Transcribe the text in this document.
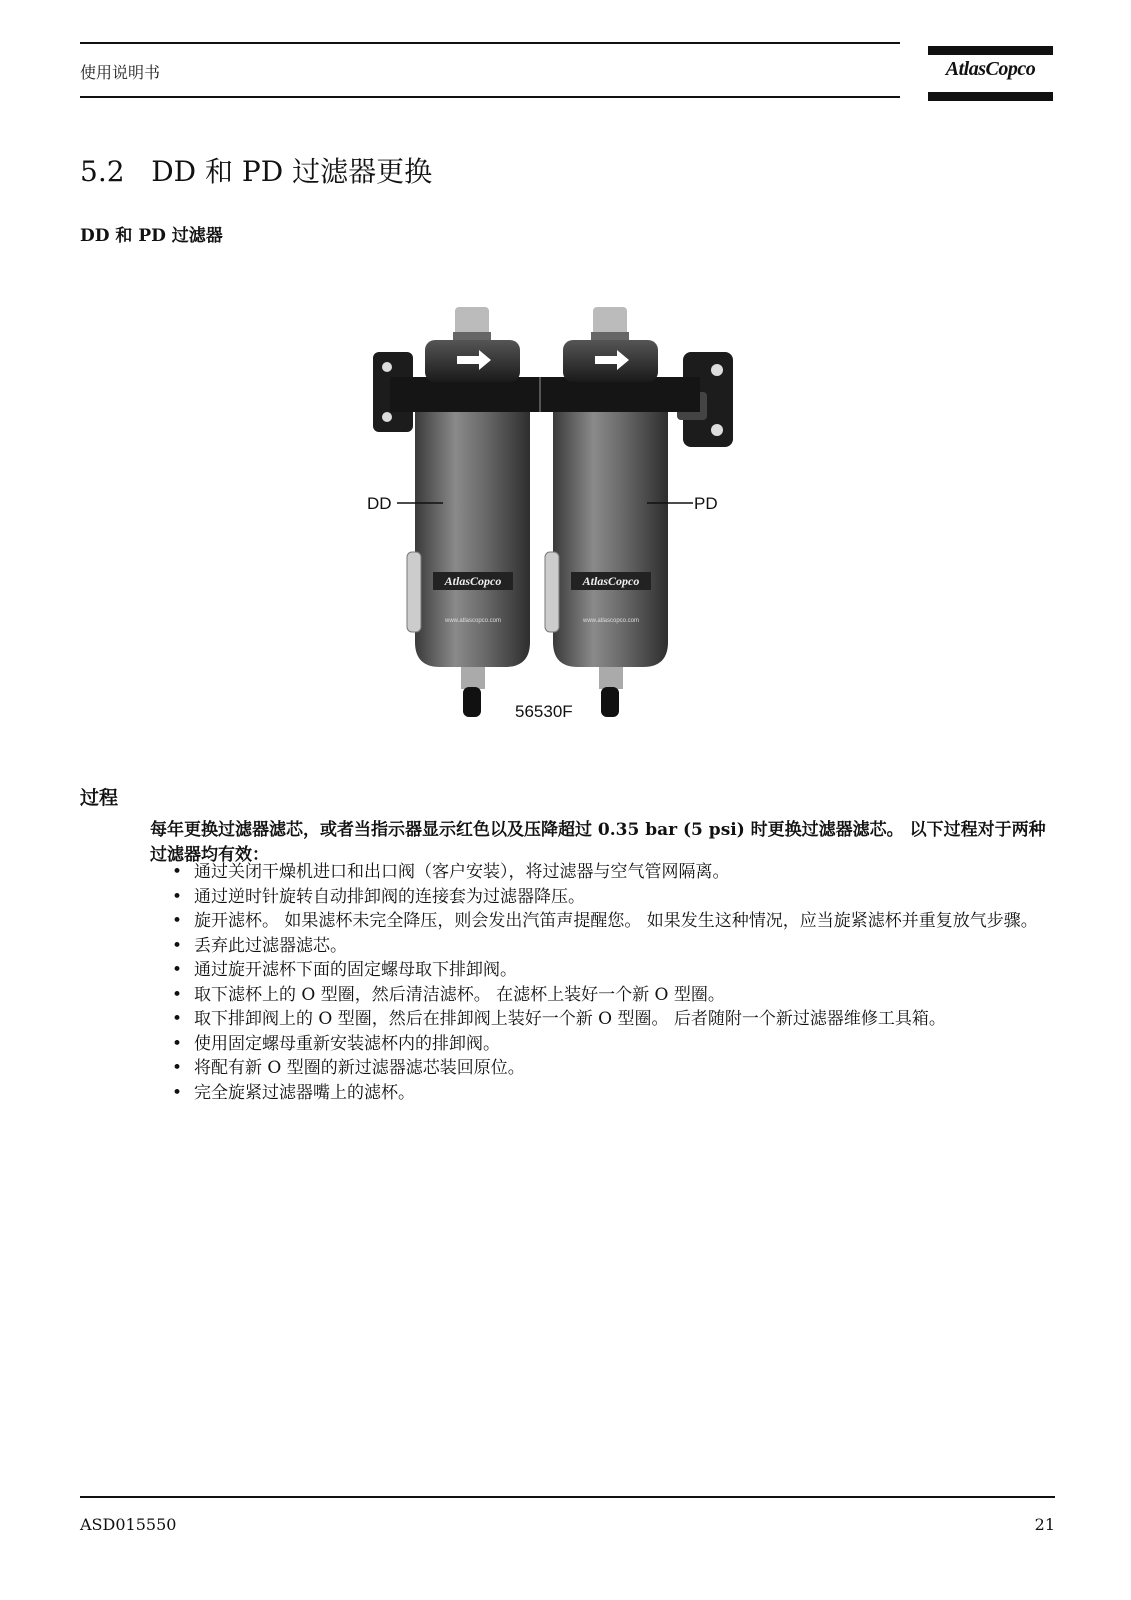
使用说明书	AtlasCopco
5.2   DD 和 PD 过滤器更换
DD 和 PD 过滤器
AtlasCopco
www.atlascopco.com
AtlasCopco
www.atlascopco.com
DD	PD
56530F
过程
每年更换过滤器滤芯，或者当指示器显示红色以及压降超过 0.35 bar (5 psi) 时更换过滤器滤芯。 以下过程对于两种过滤器均有效：
• 通过关闭干燥机进口和出口阀（客户安装），将过滤器与空气管网隔离。
• 通过逆时针旋转自动排卸阀的连接套为过滤器降压。
• 旋开滤杯。 如果滤杯未完全降压，则会发出汽笛声提醒您。 如果发生这种情况，应当旋紧滤杯并重复放气步骤。
• 丢弃此过滤器滤芯。
• 通过旋开滤杯下面的固定螺母取下排卸阀。
• 取下滤杯上的 O 型圈，然后清洁滤杯。 在滤杯上装好一个新 O 型圈。
• 取下排卸阀上的 O 型圈，然后在排卸阀上装好一个新 O 型圈。 后者随附一个新过滤器维修工具箱。
• 使用固定螺母重新安装滤杯内的排卸阀。
• 将配有新 O 型圈的新过滤器滤芯装回原位。
• 完全旋紧过滤器嘴上的滤杯。
ASD015550	21
